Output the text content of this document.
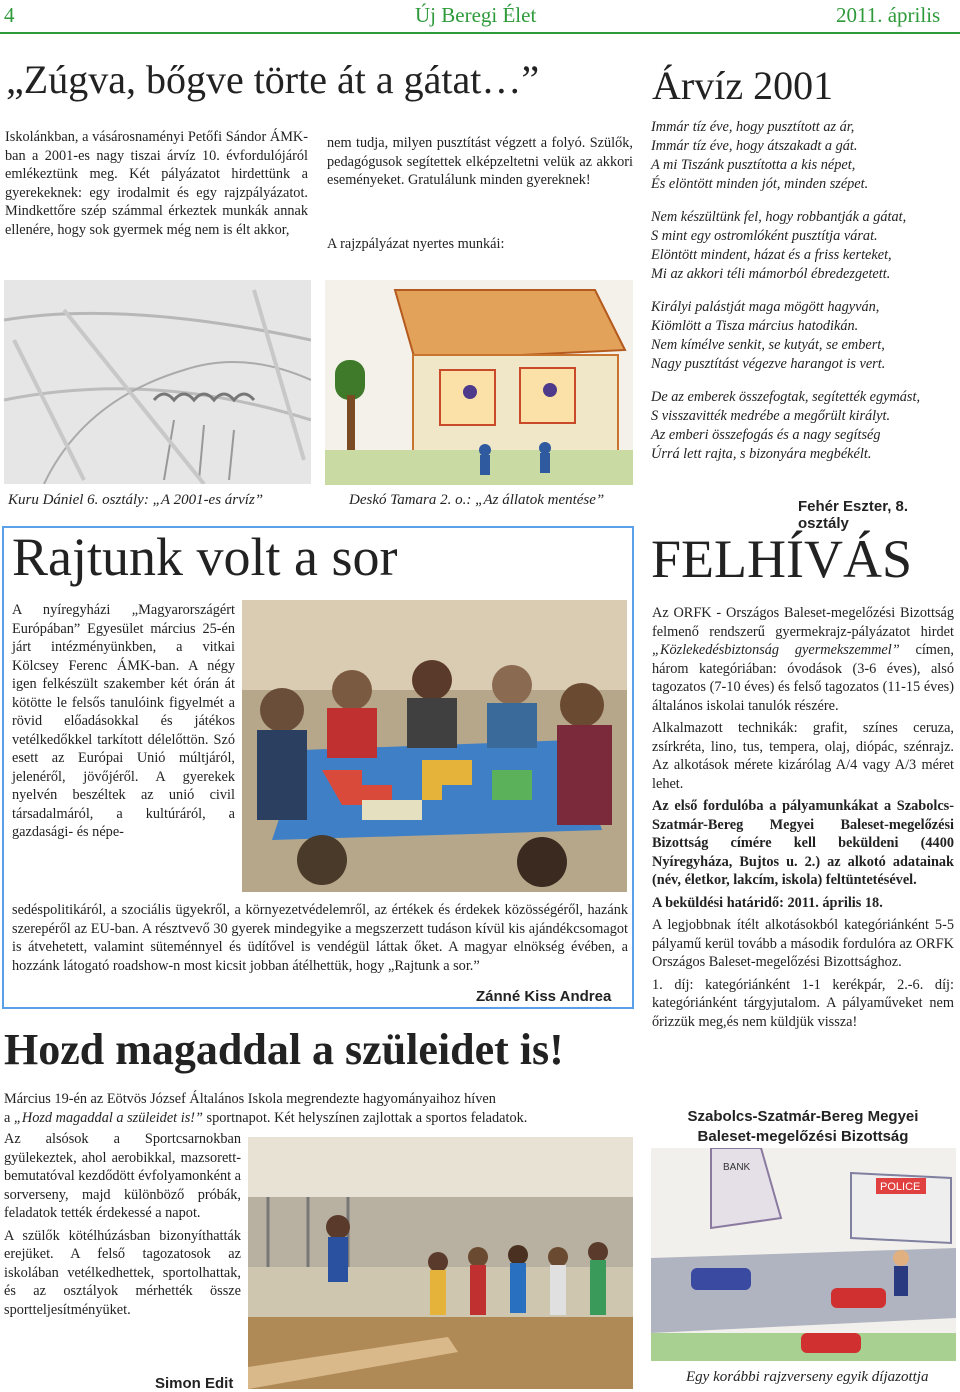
4	Új Beregi Élet	2011. április
„Zúgva, bőgve törte át a gátat…”
Iskolánkban, a vásárosnaményi Petőfi Sándor ÁMK-ban a 2001-es nagy tiszai árvíz 10. évfordulójáról emlékeztünk meg. Két pályázatot hirdettünk a gyerekeknek: egy irodalmit és egy rajzpályázatot. Mindkettőre szép számmal érkeztek munkák annak ellenére, hogy sok gyermek még nem is élt akkor,
nem tudja, milyen pusztítást végzett a folyó. Szülők, pedagógusok segítettek elképzeltetni velük az akkori eseményeket. Gratulálunk minden gyereknek!
A rajzpályázat nyertes munkái:
Kuru Dániel 6. osztály: „A 2001-es árvíz”	Deskó Tamara 2. o.: „Az állatok mentése”
Árvíz 2001

Immár tíz éve, hogy pusztított az ár,

Immár tíz éve, hogy átszakadt a gát.

A mi Tiszánk pusztította a kis népet,

És elöntött minden jót, minden szépet.

Nem készültünk fel, hogy robbantják a gátat,

S mint egy ostromlóként pusztítja várat.

Elöntött mindent, házat és a friss kerteket,

Mi az akkori téli mámorból ébredezgetett.

Királyi palástját maga mögött hagyván,

Kiömlött a Tisza március hatodikán.

Nem kímélve senkit, se kutyát, se embert,

Nagy pusztítást végezve harangot is vert.

De az emberek összefogtak, segítették egymást,

S visszavitték medrébe a megőrült királyt.

Az emberi összefogás és a nagy segítség

Úrrá lett rajta, s bizonyára megbékélt.

Fehér Eszter, 8. osztály
Rajtunk volt a sor
A nyíregyházi „Magyarországért Európában” Egyesület március 25-én járt intézményünkben, a vitkai Kölcsey Ferenc ÁMK-ban. A négy igen felkészült szakember két órán át kötötte le felsős tanulóink figyelmét a rövid előadásokkal és játékos vetélkedőkkel tarkított délelőttön. Szó esett az Európai Unió múltjáról, jelenéről, jövőjéről. A gyerekek nyelvén beszéltek az unió civil társadalmáról, a kultúráról, a gazdasági- és népe-
sedéspolitikáról, a szociális ügyekről, a környezetvédelemről, az értékek és érdekek közösségéről, hazánk szerepéről az EU-ban. A résztvevő 30 gyerek mindegyike a megszerzett tudáson kívül kis ajándékcsomagot is átvehetett, valamint süteménnyel és üdítővel is vendégül láttak őket. A magyar elnökség évében, a hozzánk látogató roadshow-n most kicsit jobban átélhettük, hogy „Rajtunk a sor.”
Zánné Kiss Andrea
Hozd magaddal a szüleidet is!

Március 19-én az Eötvös József Általános Iskola megrendezte hagyományaihoz híven

a „Hozd magaddal a szüleidet is!” sportnapot. Két helyszínen zajlottak a sportos feladatok.

Az alsósok a Sportcsarnokban gyülekeztek, ahol aerobikkal, mazsorett-bemutatóval kezdődött évfolyamonként a sorverseny, majd különböző próbák, feladatok tették érdekessé a napot.

A szülők kötélhúzásban bizonyíthatták erejüket. A felső tagozatosok az iskolában vetélkedhettek, sportolhattak, és az osztályok mérhették össze sportteljesítményüket.

Simon Edit
FELHÍVÁS

Az ORFK - Országos Baleset-megelőzési Bizottság felmenő rendszerű gyermekrajz-pályázatot hirdet „Közlekedésbiztonság gyermekszemmel” címen, három kategóriában: óvodások (3-6 éves), alsó tagozatos (7-10 éves) és felső tagozatos (11-15 éves) általános iskolai tanulók részére.

Alkalmazott technikák: grafit, színes ceruza, zsírkréta, lino, tus, tempera, olaj, diópác, szénrajz. Az alkotások mérete kizárólag A/4 vagy A/3 méret lehet.

Az első fordulóba a pályamunkákat a Szabolcs-Szatmár-Bereg Megyei Baleset-megelőzési Bizottság címére kell beküldeni (4400 Nyíregyháza, Bujtos u. 2.) az alkotó adatainak (név, életkor, lakcím, iskola) feltüntetésével.

A beküldési határidő: 2011. április 18.

A legjobbnak ítélt alkotásokból kategóriánként 5-5 pályamű kerül tovább a második fordulóra az ORFK Országos Baleset-megelőzési Bizottsághoz.

1. díj: kategóriánként 1-1 kerékpár, 2.-6. díj: kategóriánként tárgyjutalom. A pályaműveket nem őrizzük meg,és nem küldjük vissza!

Szabolcs-Szatmár-Bereg Megyei
Baleset-megelőzési Bizottság
BANK
POLICE
Egy korábbi rajzverseny egyik díjazottja
